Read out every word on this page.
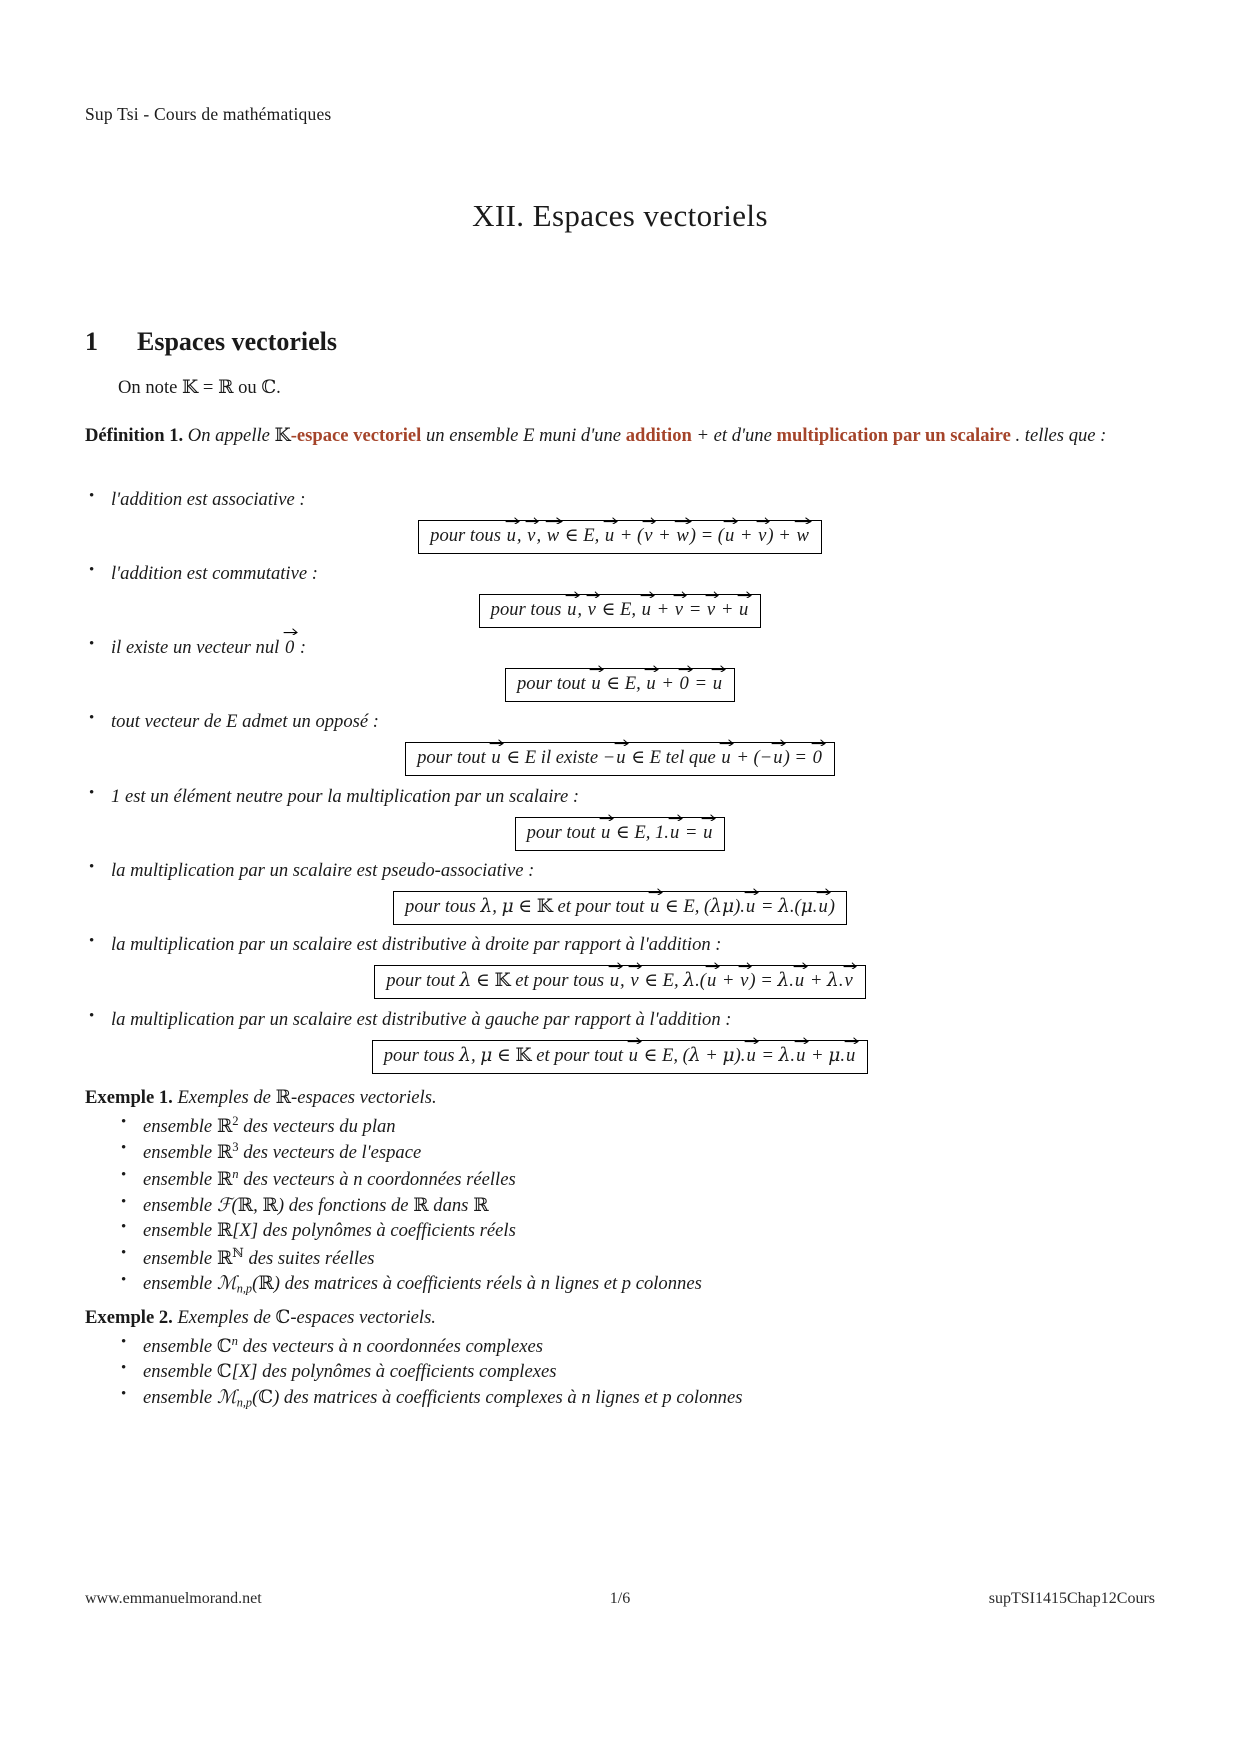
Sup Tsi - Cours de mathématiques
XII. Espaces vectoriels
1 Espaces vectoriels
On note 𝕂 = ℝ ou ℂ.
Définition 1. On appelle 𝕂-espace vectoriel un ensemble E muni d'une addition + et d'une multiplication par un scalaire . telles que :
• l'addition est associative :
pour tous
u,
v,
w ∈ E,
u + (
v +
w) = (
u +
v) +
w
• l'addition est commutative :
pour tous
u,
v ∈ E,
u +
v =
v +
u
• il existe un vecteur nul
0 :
pour tout
u ∈ E,
u +
0 =
u
• tout vecteur de E admet un opposé :
pour tout
u ∈ E il existe −
u ∈ E tel que
u + (−
u) =
0
• 1 est un élément neutre pour la multiplication par un scalaire :
pour tout
u ∈ E, 1.
u =
u
• la multiplication par un scalaire est pseudo-associative :
pour tous λ, μ ∈ 𝕂 et pour tout
u ∈ E, (λμ).
u = λ.(μ.
u)
• la multiplication par un scalaire est distributive à droite par rapport à l'addition :
pour tout λ ∈ 𝕂 et pour tous
u,
v ∈ E, λ.(
u +
v) = λ.
u + λ.
v
• la multiplication par un scalaire est distributive à gauche par rapport à l'addition :
pour tous λ, μ ∈ 𝕂 et pour tout
u ∈ E, (λ + μ).
u = λ.
u + μ.
u
Exemple 1. Exemples de ℝ-espaces vectoriels.
• ensemble ℝ$^2$ des vecteurs du plan
• ensemble ℝ$^3$ des vecteurs de l'espace
• ensemble ℝ$^n$ des vecteurs à n coordonnées réelles
• ensemble ℱ(ℝ, ℝ) des fonctions de ℝ dans ℝ
• ensemble ℝ[X] des polynômes à coefficients réels
• ensemble ℝ$^ℕ$ des suites réelles
• ensemble ℳ$_{n,p}$(ℝ) des matrices à coefficients réels à n lignes et p colonnes
Exemple 2. Exemples de ℂ-espaces vectoriels.
• ensemble ℂ$^n$ des vecteurs à n coordonnées complexes
• ensemble ℂ[X] des polynômes à coefficients complexes
• ensemble ℳ$_{n,p}$(ℂ) des matrices à coefficients complexes à n lignes et p colonnes
www.emmanuelmorand.net	1/6	supTSI1415Chap12Cours
